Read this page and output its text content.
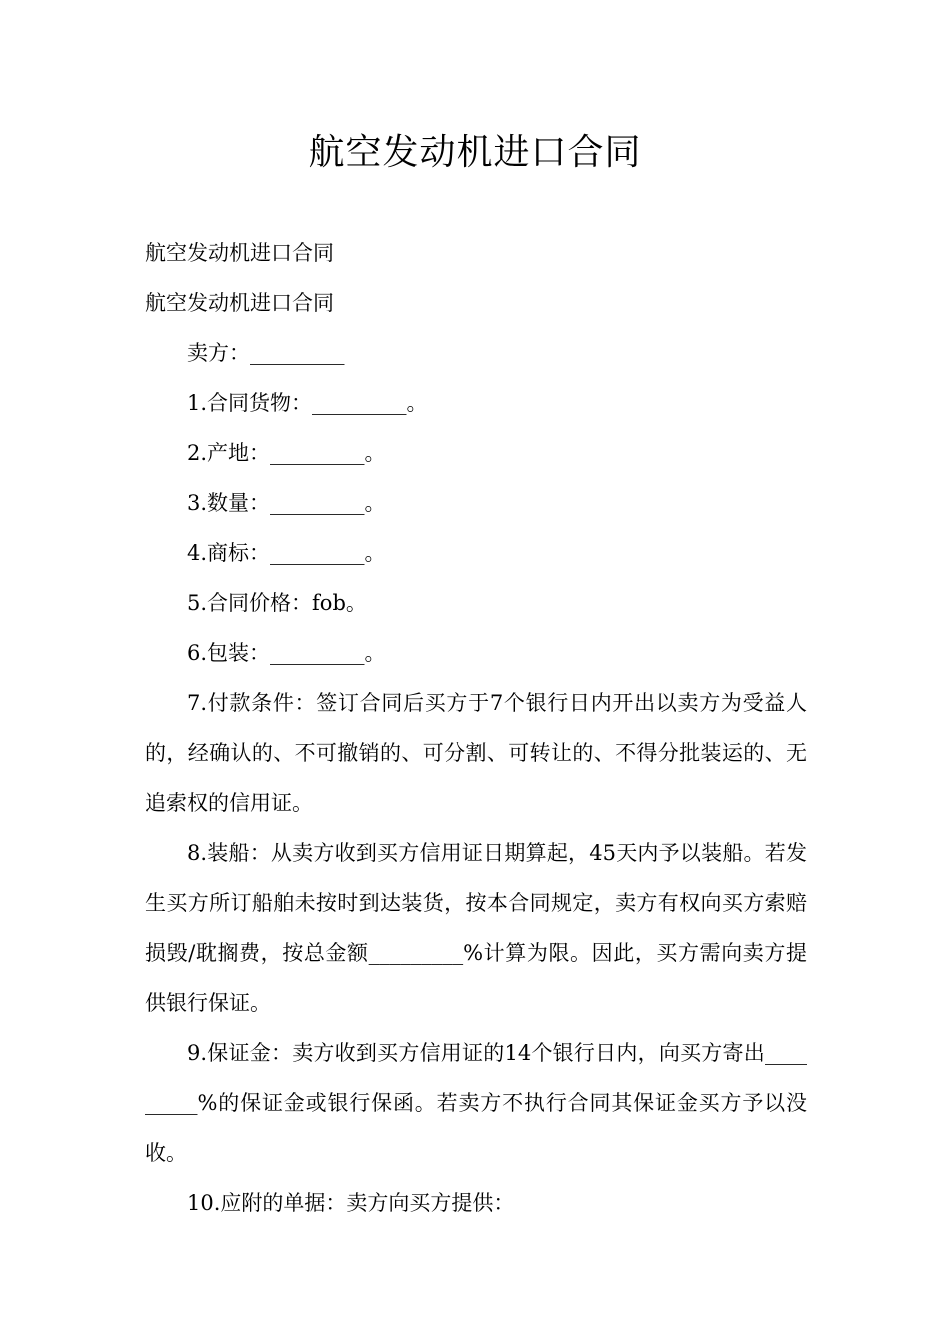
航空发动机进口合同

航空发动机进口合同

航空发动机进口合同

卖方：_________

1.合同货物：_________。

2.产地：_________。

3.数量：_________。

4.商标：_________。

5.合同价格：fob。

6.包装：_________。

7.付款条件：签订合同后买方于7个银行日内开出以卖方为受益人的，经确认的、不可撤销的、可分割、可转让的、不得分批装运的、无追索权的信用证。

8.装船：从卖方收到买方信用证日期算起，45天内予以装船。若发生买方所订船舶未按时到达装货，按本合同规定，卖方有权向买方索赔损毁/耽搁费，按总金额_________%计算为限。因此，买方需向卖方提供银行保证。

9.保证金：卖方收到买方信用证的14个银行日内，向买方寄出_________%的保证金或银行保函。若卖方不执行合同其保证金买方予以没收。

10.应附的单据：卖方向买方提供：
